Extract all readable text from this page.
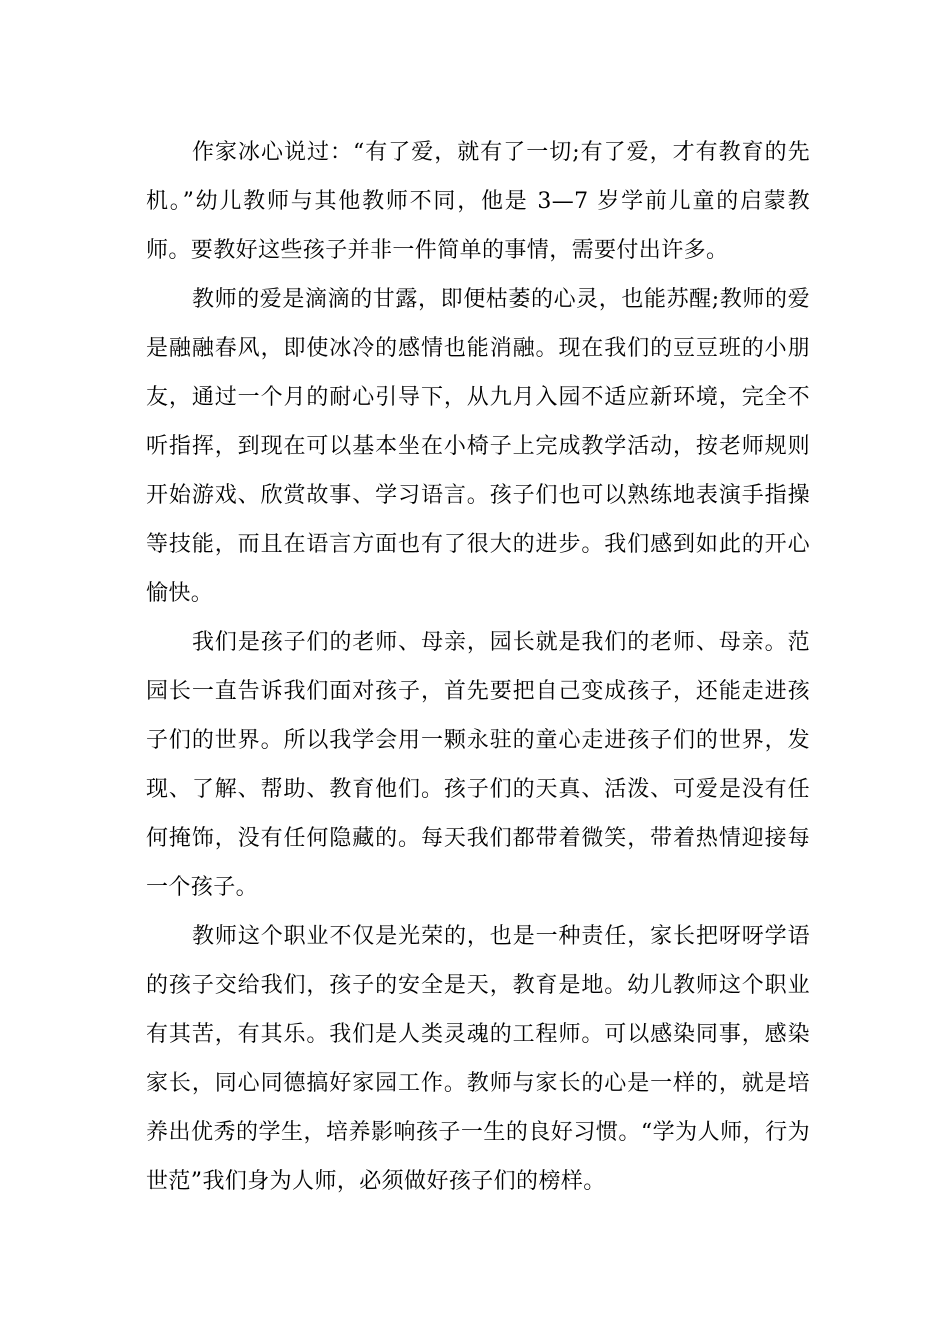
作家冰心说过：“有了爱，就有了一切;有了爱，才有教育的先机。”幼儿教师与其他教师不同，他是 3—7 岁学前儿童的启蒙教师。要教好这些孩子并非一件简单的事情，需要付出许多。

教师的爱是滴滴的甘露，即便枯萎的心灵，也能苏醒;教师的爱是融融春风，即使冰冷的感情也能消融。现在我们的豆豆班的小朋友，通过一个月的耐心引导下，从九月入园不适应新环境，完全不听指挥，到现在可以基本坐在小椅子上完成教学活动，按老师规则开始游戏、欣赏故事、学习语言。孩子们也可以熟练地表演手指操等技能，而且在语言方面也有了很大的进步。我们感到如此的开心愉快。

我们是孩子们的老师、母亲，园长就是我们的老师、母亲。范园长一直告诉我们面对孩子，首先要把自己变成孩子，还能走进孩子们的世界。所以我学会用一颗永驻的童心走进孩子们的世界，发现、了解、帮助、教育他们。孩子们的天真、活泼、可爱是没有任何掩饰，没有任何隐藏的。每天我们都带着微笑，带着热情迎接每一个孩子。

教师这个职业不仅是光荣的，也是一种责任，家长把呀呀学语的孩子交给我们，孩子的安全是天，教育是地。幼儿教师这个职业有其苦，有其乐。我们是人类灵魂的工程师。可以感染同事，感染家长，同心同德搞好家园工作。教师与家长的心是一样的，就是培养出优秀的学生，培养影响孩子一生的良好习惯。“学为人师，行为世范”我们身为人师，必须做好孩子们的榜样。
